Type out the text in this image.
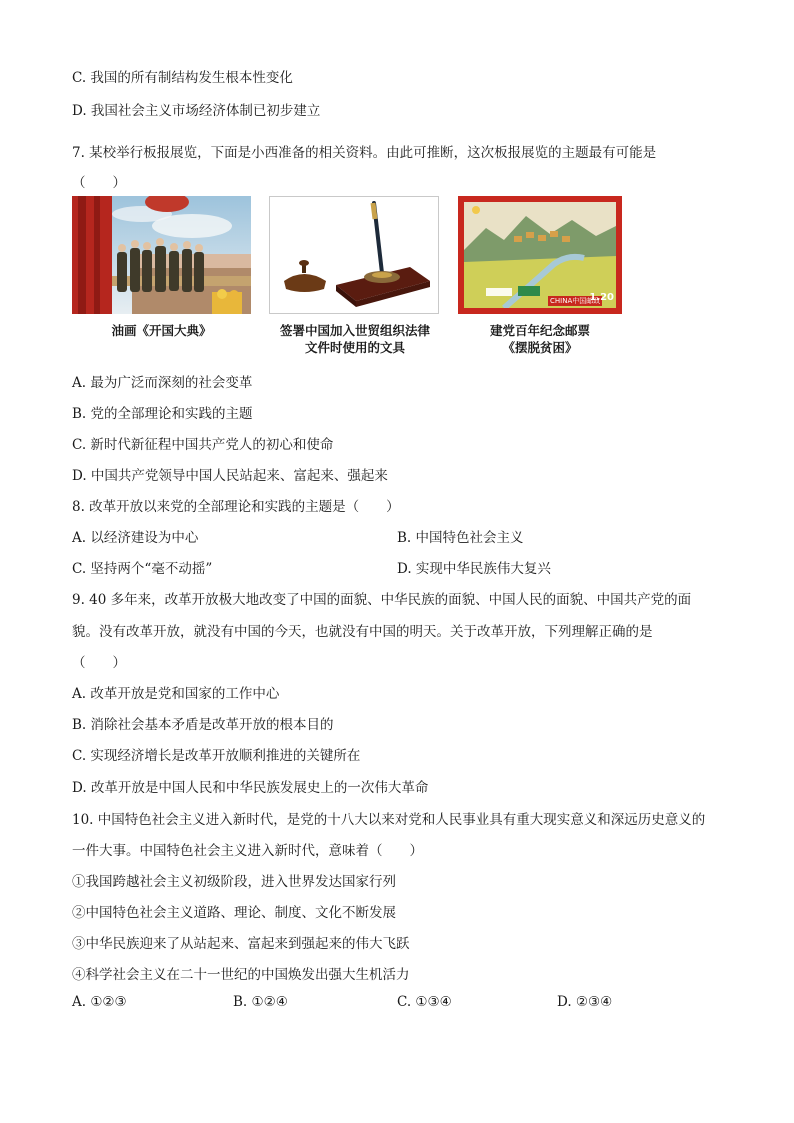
C. 我国的所有制结构发生根本性变化
D. 我国社会主义市场经济体制已初步建立
7. 某校举行板报展览，下面是小西准备的相关资料。由此可推断，这次板报展览的主题最有可能是
（　　）
CHINA中国邮政
1.20
油画《开国大典》	签署中国加入世贸组织法律
文件时使用的文具
建党百年纪念邮票
《摆脱贫困》
A. 最为广泛而深刻的社会变革
B. 党的全部理论和实践的主题
C. 新时代新征程中国共产党人的初心和使命
D. 中国共产党领导中国人民站起来、富起来、强起来
8. 改革开放以来党的全部理论和实践的主题是（　　）
A. 以经济建设为中心	B. 中国特色社会主义
C. 坚持两个“毫不动摇”	D. 实现中华民族伟大复兴
9. 40 多年来，改革开放极大地改变了中国的面貌、中华民族的面貌、中国人民的面貌、中国共产党的面
貌。没有改革开放，就没有中国的今天，也就没有中国的明天。关于改革开放，下列理解正确的是
（　　）
A. 改革开放是党和国家的工作中心
B. 消除社会基本矛盾是改革开放的根本目的
C. 实现经济增长是改革开放顺利推进的关键所在
D. 改革开放是中国人民和中华民族发展史上的一次伟大革命
10. 中国特色社会主义进入新时代，是党的十八大以来对党和人民事业具有重大现实意义和深远历史意义的
一件大事。中国特色社会主义进入新时代，意味着（　　）
①我国跨越社会主义初级阶段，进入世界发达国家行列
②中国特色社会主义道路、理论、制度、文化不断发展
③中华民族迎来了从站起来、富起来到强起来的伟大飞跃
④科学社会主义在二十一世纪的中国焕发出强大生机活力
A. ①②③	B. ①②④	C. ①③④	D. ②③④
